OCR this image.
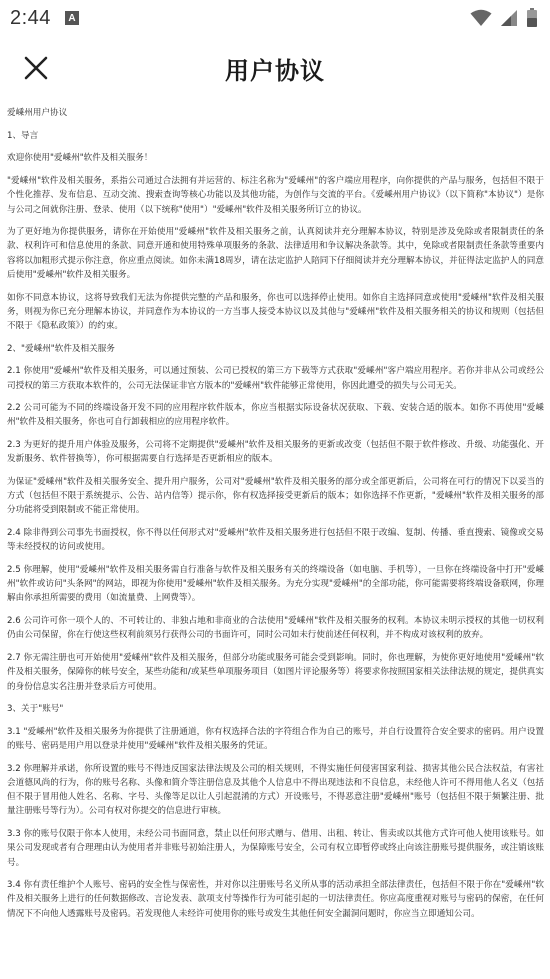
2:44	A
用户协议

爱嵊州用户协议

1、导言

欢迎你使用"爱嵊州"软件及相关服务！

"爱嵊州"软件及相关服务，系指公司通过合法拥有并运营的、标注名称为"爱嵊州"的客户端应用程序，向你提供的产品与服务，包括但不限于个性化推荐、发布信息、互动交流、搜索查询等核心功能以及其他功能，为创作与交流的平台。《爱嵊州用户协议》（以下简称"本协议"）是你与公司之间就你注册、登录、使用（以下统称"使用"）"爱嵊州"软件及相关服务所订立的协议。

为了更好地为你提供服务，请你在开始使用"爱嵊州"软件及相关服务之前，认真阅读并充分理解本协议，特别是涉及免除或者限制责任的条款、权利许可和信息使用的条款、同意开通和使用特殊单项服务的条款、法律适用和争议解决条款等。其中，免除或者限制责任条款等重要内容将以加粗形式提示你注意，你应重点阅读。如你未满18周岁，请在法定监护人陪同下仔细阅读并充分理解本协议，并征得法定监护人的同意后使用"爱嵊州"软件及相关服务。

如你不同意本协议，这将导致我们无法为你提供完整的产品和服务，你也可以选择停止使用。如你自主选择同意或使用"爱嵊州"软件及相关服务，则视为你已充分理解本协议，并同意作为本协议的一方当事人接受本协议以及其他与"爱嵊州"软件及相关服务相关的协议和规则（包括但不限于《隐私政策》）的约束。

2、"爱嵊州"软件及相关服务

2.1 你使用"爱嵊州"软件及相关服务，可以通过预装、公司已授权的第三方下载等方式获取"爱嵊州"客户端应用程序。若你并非从公司或经公司授权的第三方获取本软件的，公司无法保证非官方版本的"爱嵊州"软件能够正常使用，你因此遭受的损失与公司无关。

2.2 公司可能为不同的终端设备开发不同的应用程序软件版本，你应当根据实际设备状况获取、下载、安装合适的版本。如你不再使用"爱嵊州"软件及相关服务，你也可自行卸载相应的应用程序软件。

2.3 为更好的提升用户体验及服务，公司将不定期提供"爱嵊州"软件及相关服务的更新或改变（包括但不限于软件修改、升级、功能强化、开发新服务、软件替换等），你可根据需要自行选择是否更新相应的版本。

为保证"爱嵊州"软件及相关服务安全、提升用户服务，公司对"爱嵊州"软件及相关服务的部分或全部更新后，公司将在可行的情况下以妥当的方式（包括但不限于系统提示、公告、站内信等）提示你，你有权选择接受更新后的版本；如你选择不作更新，"爱嵊州"软件及相关服务的部分功能将受到限制或不能正常使用。

2.4 除非得到公司事先书面授权，你不得以任何形式对"爱嵊州"软件及相关服务进行包括但不限于改编、复制、传播、垂直搜索、镜像或交易等未经授权的访问或使用。

2.5 你理解，使用"爱嵊州"软件及相关服务需自行准备与软件及相关服务有关的终端设备（如电脑、手机等），一旦你在终端设备中打开"爱嵊州"软件或访问"头条网"的网站，即视为你使用"爱嵊州"软件及相关服务。为充分实现"爱嵊州"的全部功能，你可能需要将终端设备联网，你理解由你承担所需要的费用（如流量费、上网费等）。

2.6 公司许可你一项个人的、不可转让的、非独占地和非商业的合法使用"爱嵊州"软件及相关服务的权利。本协议未明示授权的其他一切权利仍由公司保留，你在行使这些权利前须另行获得公司的书面许可，同时公司如未行使前述任何权利，并不构成对该权利的放弃。

2.7 你无需注册也可开始使用"爱嵊州"软件及相关服务，但部分功能或服务可能会受到影响。同时，你也理解，为使你更好地使用"爱嵊州"软件及相关服务，保障你的帐号安全，某些功能和/或某些单项服务项目（如图片评论服务等）将要求你按照国家相关法律法规的规定，提供真实的身份信息实名注册并登录后方可使用。

3、关于"账号"

3.1 "爱嵊州"软件及相关服务为你提供了注册通道，你有权选择合法的字符组合作为自己的账号，并自行设置符合安全要求的密码。用户设置的账号、密码是用户用以登录并使用"爱嵊州"软件及相关服务的凭证。

3.2 你理解并承诺，你所设置的账号不得违反国家法律法规及公司的相关规则，不得实施任何侵害国家利益、损害其他公民合法权益，有害社会道德风尚的行为，你的账号名称、头像和简介等注册信息及其他个人信息中不得出现违法和不良信息，未经他人许可不得用他人名义（包括但不限于冒用他人姓名、名称、字号、头像等足以让人引起混淆的方式）开设账号，不得恶意注册"爱嵊州"账号（包括但不限于频繁注册、批量注册账号等行为）。公司有权对你提交的信息进行审核。

3.3 你的账号仅限于你本人使用，未经公司书面同意，禁止以任何形式赠与、借用、出租、转让、售卖或以其他方式许可他人使用该账号。如果公司发现或者有合理理由认为使用者并非账号初始注册人，为保障账号安全，公司有权立即暂停或终止向该注册账号提供服务，或注销该账号。

3.4 你有责任维护个人账号、密码的安全性与保密性，并对你以注册账号名义所从事的活动承担全部法律责任，包括但不限于你在"爱嵊州"软件及相关服务上进行的任何数据修改、言论发表、款项支付等操作行为可能引起的一切法律责任。你应高度重视对账号与密码的保密，在任何情况下不向他人透露账号及密码。若发现他人未经许可使用你的账号或发生其他任何安全漏洞问题时，你应当立即通知公司。
